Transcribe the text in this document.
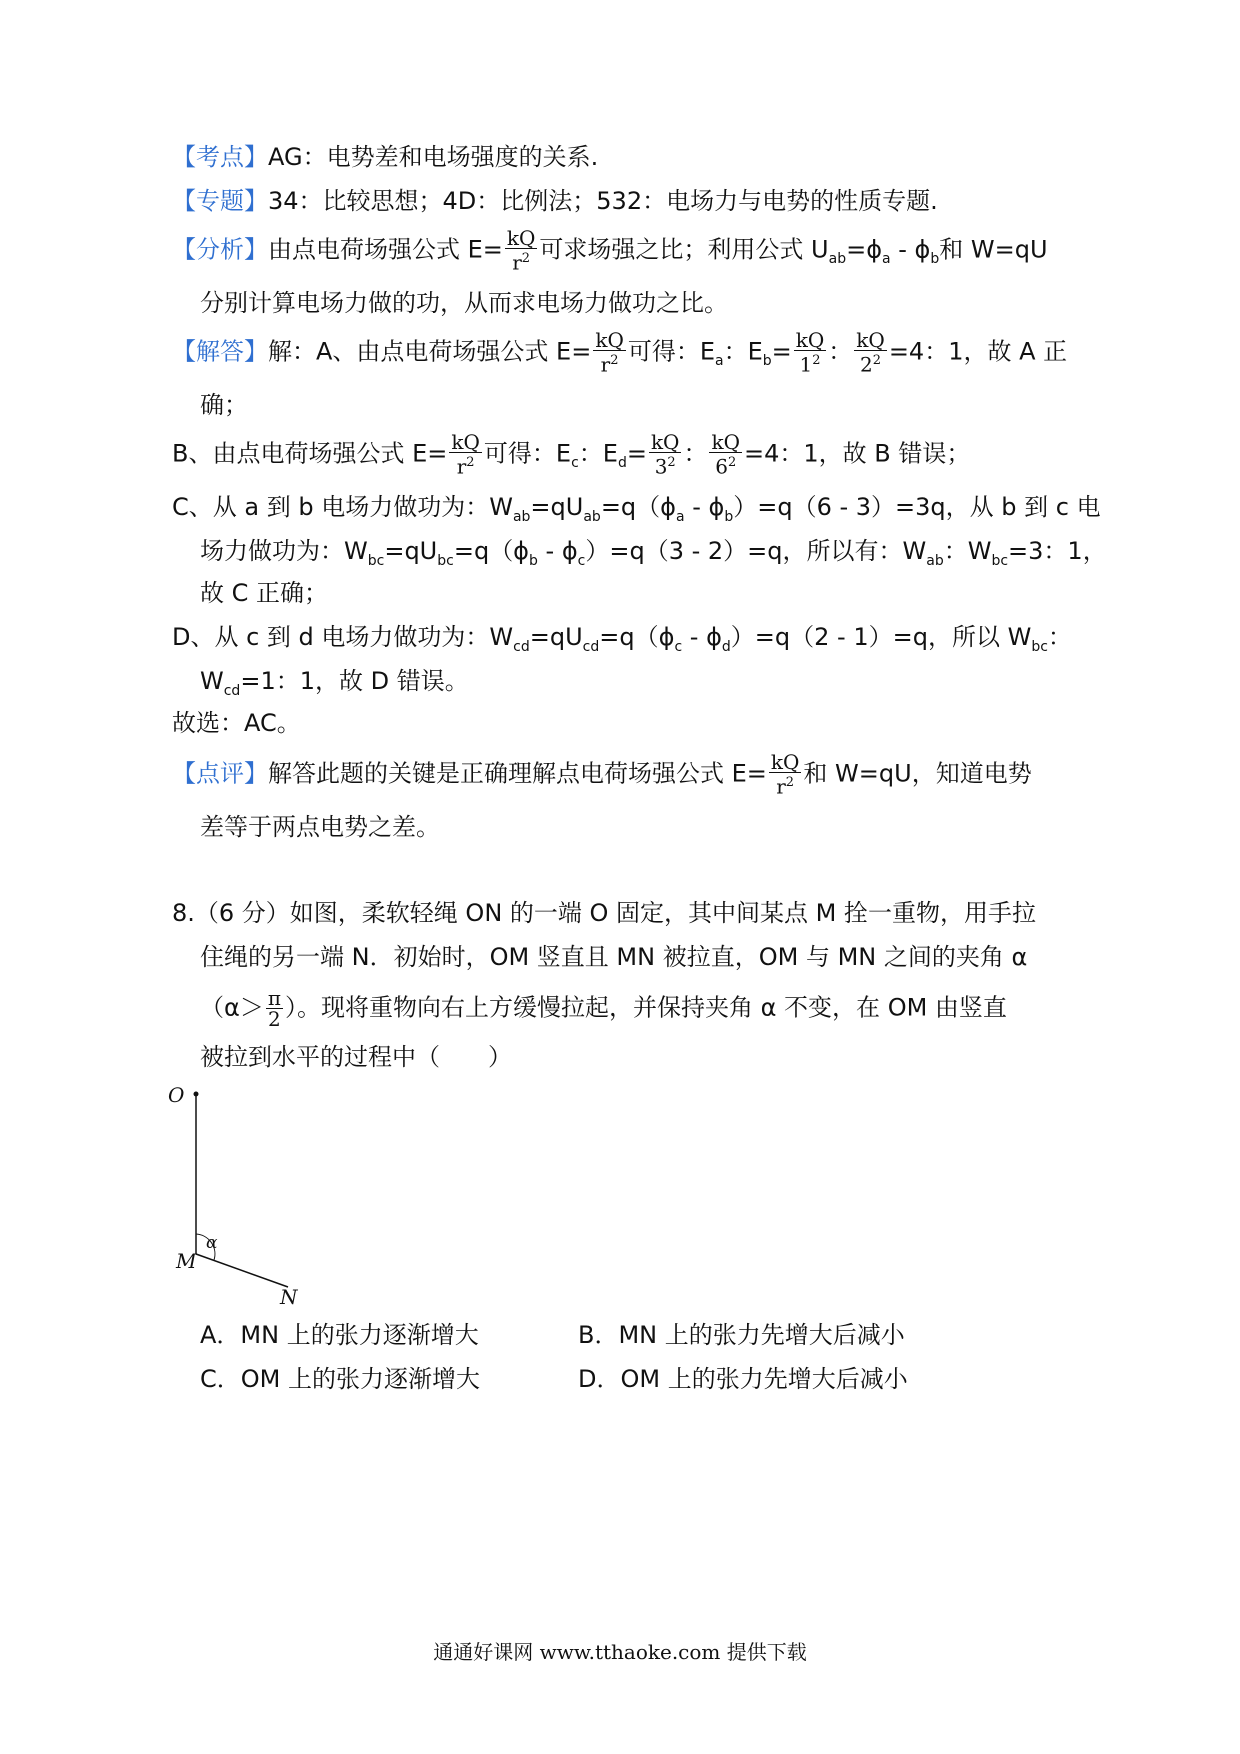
【考点】AG：电势差和电场强度的关系.
【专题】34：比较思想；4D：比例法；532：电场力与电势的性质专题.
【分析】由点电荷场强公式 $E= \frac{kQ}{r^2}$ 可求场强之比；利用公式 $U_{ab}=\phi_a - \phi_b$和 W=qU
分别计算电场力做的功，从而求电场力做功之比。
【解答】解：A、由点电荷场强公式 $E= \frac{kQ}{r^2}$ 可得：$E_a$：$E_b= \frac{kQ}{1^2}$ ： $\frac{kQ}{2^2} =4$：1，故 A 正
确；
B、由点电荷场强公式 $E= \frac{kQ}{r^2}$ 可得：$E_c$：$E_d= \frac{kQ}{3^2}$ ： $\frac{kQ}{6^2} =4$：1，故 B 错误；
C、从 a 到 b 电场力做功为：$W_{ab}=qU_{ab}=q(\phi_a - \phi_b)=q(6 - 3)=3q$，从 b 到 c 电
场力做功为：$W_{bc}=qU_{bc}=q(\phi_b - \phi_c)=q(3 - 2)=q$，所以有：$W_{ab}$：$W_{bc}=3$：1，
故 C 正确；
D、从 c 到 d 电场力做功为：$W_{cd}=qU_{cd}=q(\phi_c - \phi_d)=q(2 - 1)=q$，所以 $W_{bc}$：
$W_{cd}=1$：1，故 D 错误。
故选：AC。
【点评】解答此题的关键是正确理解点电荷场强公式 $E= \frac{kQ}{r^2}$ 和 W=qU，知道电势
差等于两点电势之差。
8.（6 分）如图，柔软轻绳 ON 的一端 O 固定，其中间某点 M 拴一重物，用手拉
住绳的另一端 N．初始时，OM 竖直且 MN 被拉直，OM 与 MN 之间的夹角 α
（$\alpha> \frac{\pi}{2}$ ）。现将重物向右上方缓慢拉起，并保持夹角 α 不变，在 OM 由竖直
被拉到水平的过程中（　　）
O
α
M
N
A．MN 上的张力逐渐增大	B．MN 上的张力先增大后减小
C．OM 上的张力逐渐增大	D．OM 上的张力先增大后减小
通通好课网 www.tthaoke.com 提供下载
